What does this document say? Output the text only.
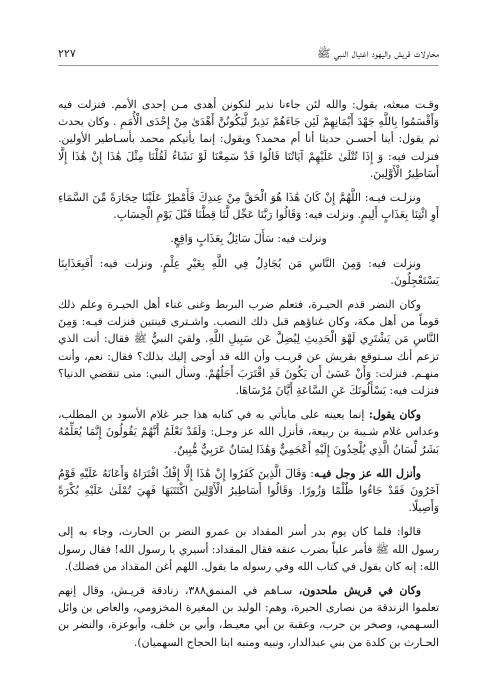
محاولات قريش واليهود اغتيال النبي ﷺ
٢٢٧

وقـت مبعثه، يقول: والله لئن جاءنا نذير لنكونن أهدى مـن إحدى الأمم. فنزلت فيه وَأَقْسَمُوا بِاللَّهِ جَهْدَ أَيْمَانِهِمْ لَئِن جَاءَهُمْ نَذِيرٌ لَّيَكُونُنَّ أَهْدَىٰ مِنْ إِحْدَى الْأُمَمِ . وكان يحدث ثم يقول: أينا أحسـن حديثا أنا أم محمد؟ ويقول: إنما يأتيكم محمد بأسـاطير الأولين. فنزلت فيه: وَ إِذَا تُتْلَىٰ عَلَيْهِمْ آيَاتُنَا قَالُوا قَدْ سَمِعْنَا لَوْ نَشَاءُ لَقُلْنَا مِثْلَ هَٰذَا إِنْ هَٰذَا إِلَّا أَسَاطِيرُ الْأَوَّلِينَ.

ونزلـت فيـه: اللَّهُمَّ إِنْ كَانَ هَٰذَا هُوَ الْحَقَّ مِنْ عِندِكَ فَأَمْطِرْ عَلَيْنَا حِجَارَةً مِّنَ السَّمَاءِ أَوِ ائْتِنَا بِعَذَابٍ أَلِيمٍ. ونزلت فيه: وَقَالُوا رَبَّنَا عَجِّل لَّنَا قِطَّنَا قَبْلَ يَوْمِ الْحِسَابِ.

ونزلت فيه: سَأَلَ سَائِلٌ بِعَذَابٍ وَاقِعٍ.

ونزلت فيه: وَمِنَ النَّاسِ مَن يُجَادِلُ فِي اللَّهِ بِغَيْرِ عِلْمٍ. ونزلت فيه: أَفَبِعَذَابِنَا يَسْتَعْجِلُونَ.

وكان النضر قدم الحيـرة، فتعلم ضرب البربط وغنى غناء أهل الحيـرة وعلم ذلك قوماً من أهل مكة، وكان غناؤهم قبل ذلك النصب. واشـترى قينتين فنزلت فيـه: وَمِنَ النَّاسِ مَن يَشْتَرِي لَهْوَ الْحَدِيثِ لِيُضِلَّ عَن سَبِيلِ اللَّهِ. ولقيَ النبيُّ ﷺ فقال: أنت الذي تزعم أنك سـتوقع بقريش عن قريـب وأن الله قد أوحى إليك بذلك؟ فقال: نعم، وأنت منهـم. فنزلت: وَأَنْ عَسَىٰ أَن يَكُونَ قَدِ اقْتَرَبَ أَجَلُهُمْ. وسأل النبي: متى تنقضي الدنيا؟ فنزلت فيه: يَسْأَلُونَكَ عَنِ السَّاعَةِ أَيَّانَ مُرْسَاهَا.

وكان يقول: إنما يعينه على مايأتي به في كتابه هذا جبر غلام الأسود بن المطلب، وعداس غلام شـيبة بن ربيعة، فأنزل الله عز وجـل: وَلَقَدْ نَعْلَمُ أَنَّهُمْ يَقُولُونَ إِنَّمَا يُعَلِّمُهُ بَشَرٌ لِّسَانُ الَّذِي يُلْحِدُونَ إِلَيْهِ أَعْجَمِيٌّ وَهَٰذَا لِسَانٌ عَرَبِيٌّ مُّبِينٌ.

وأنزل الله عز وجل فيـه: وَقَالَ الَّذِينَ كَفَرُوا إِنْ هَٰذَا إِلَّا إِفْكٌ افْتَرَاهُ وَأَعَانَهُ عَلَيْهِ قَوْمٌ آخَرُونَ فَقَدْ جَاءُوا ظُلْمًا وَزُورًا. وَقَالُوا أَسَاطِيرُ الْأَوَّلِينَ اكْتَتَبَهَا فَهِيَ تُمْلَىٰ عَلَيْهِ بُكْرَةً وَأَصِيلًا.

قالوا: فلما كان يوم بدر أسر المقداد بن عمرو النضر بن الحارث، وجاء به إلى رسول الله ﷺ فأمر علياً بضرب عنقه فقال المقداد: أسيري يا رسول الله! فقال رسول الله: إنه كان يقول في كتاب الله وفي رسوله ما يقول. اللهم أغن المقداد من فضلك).

وكان في قريش ملحدون، سـاهم في المنمق٣٨٨، زنادقة قريـش، وقال إنهم تعلموا الزندقة من نصارى الحيرة، وهم: الوليد بن المغيرة المخزومي، والعاص بن وائل السـهمي، وصخر بن حرب، وعقبة بن أبي معيـط، وأبي بن خلف، وأبوعزة، والنضر بن الحـارث بن كلدة من بني عبدالدار، ونبيه ومنبه ابنا الحجاج السهميان).
